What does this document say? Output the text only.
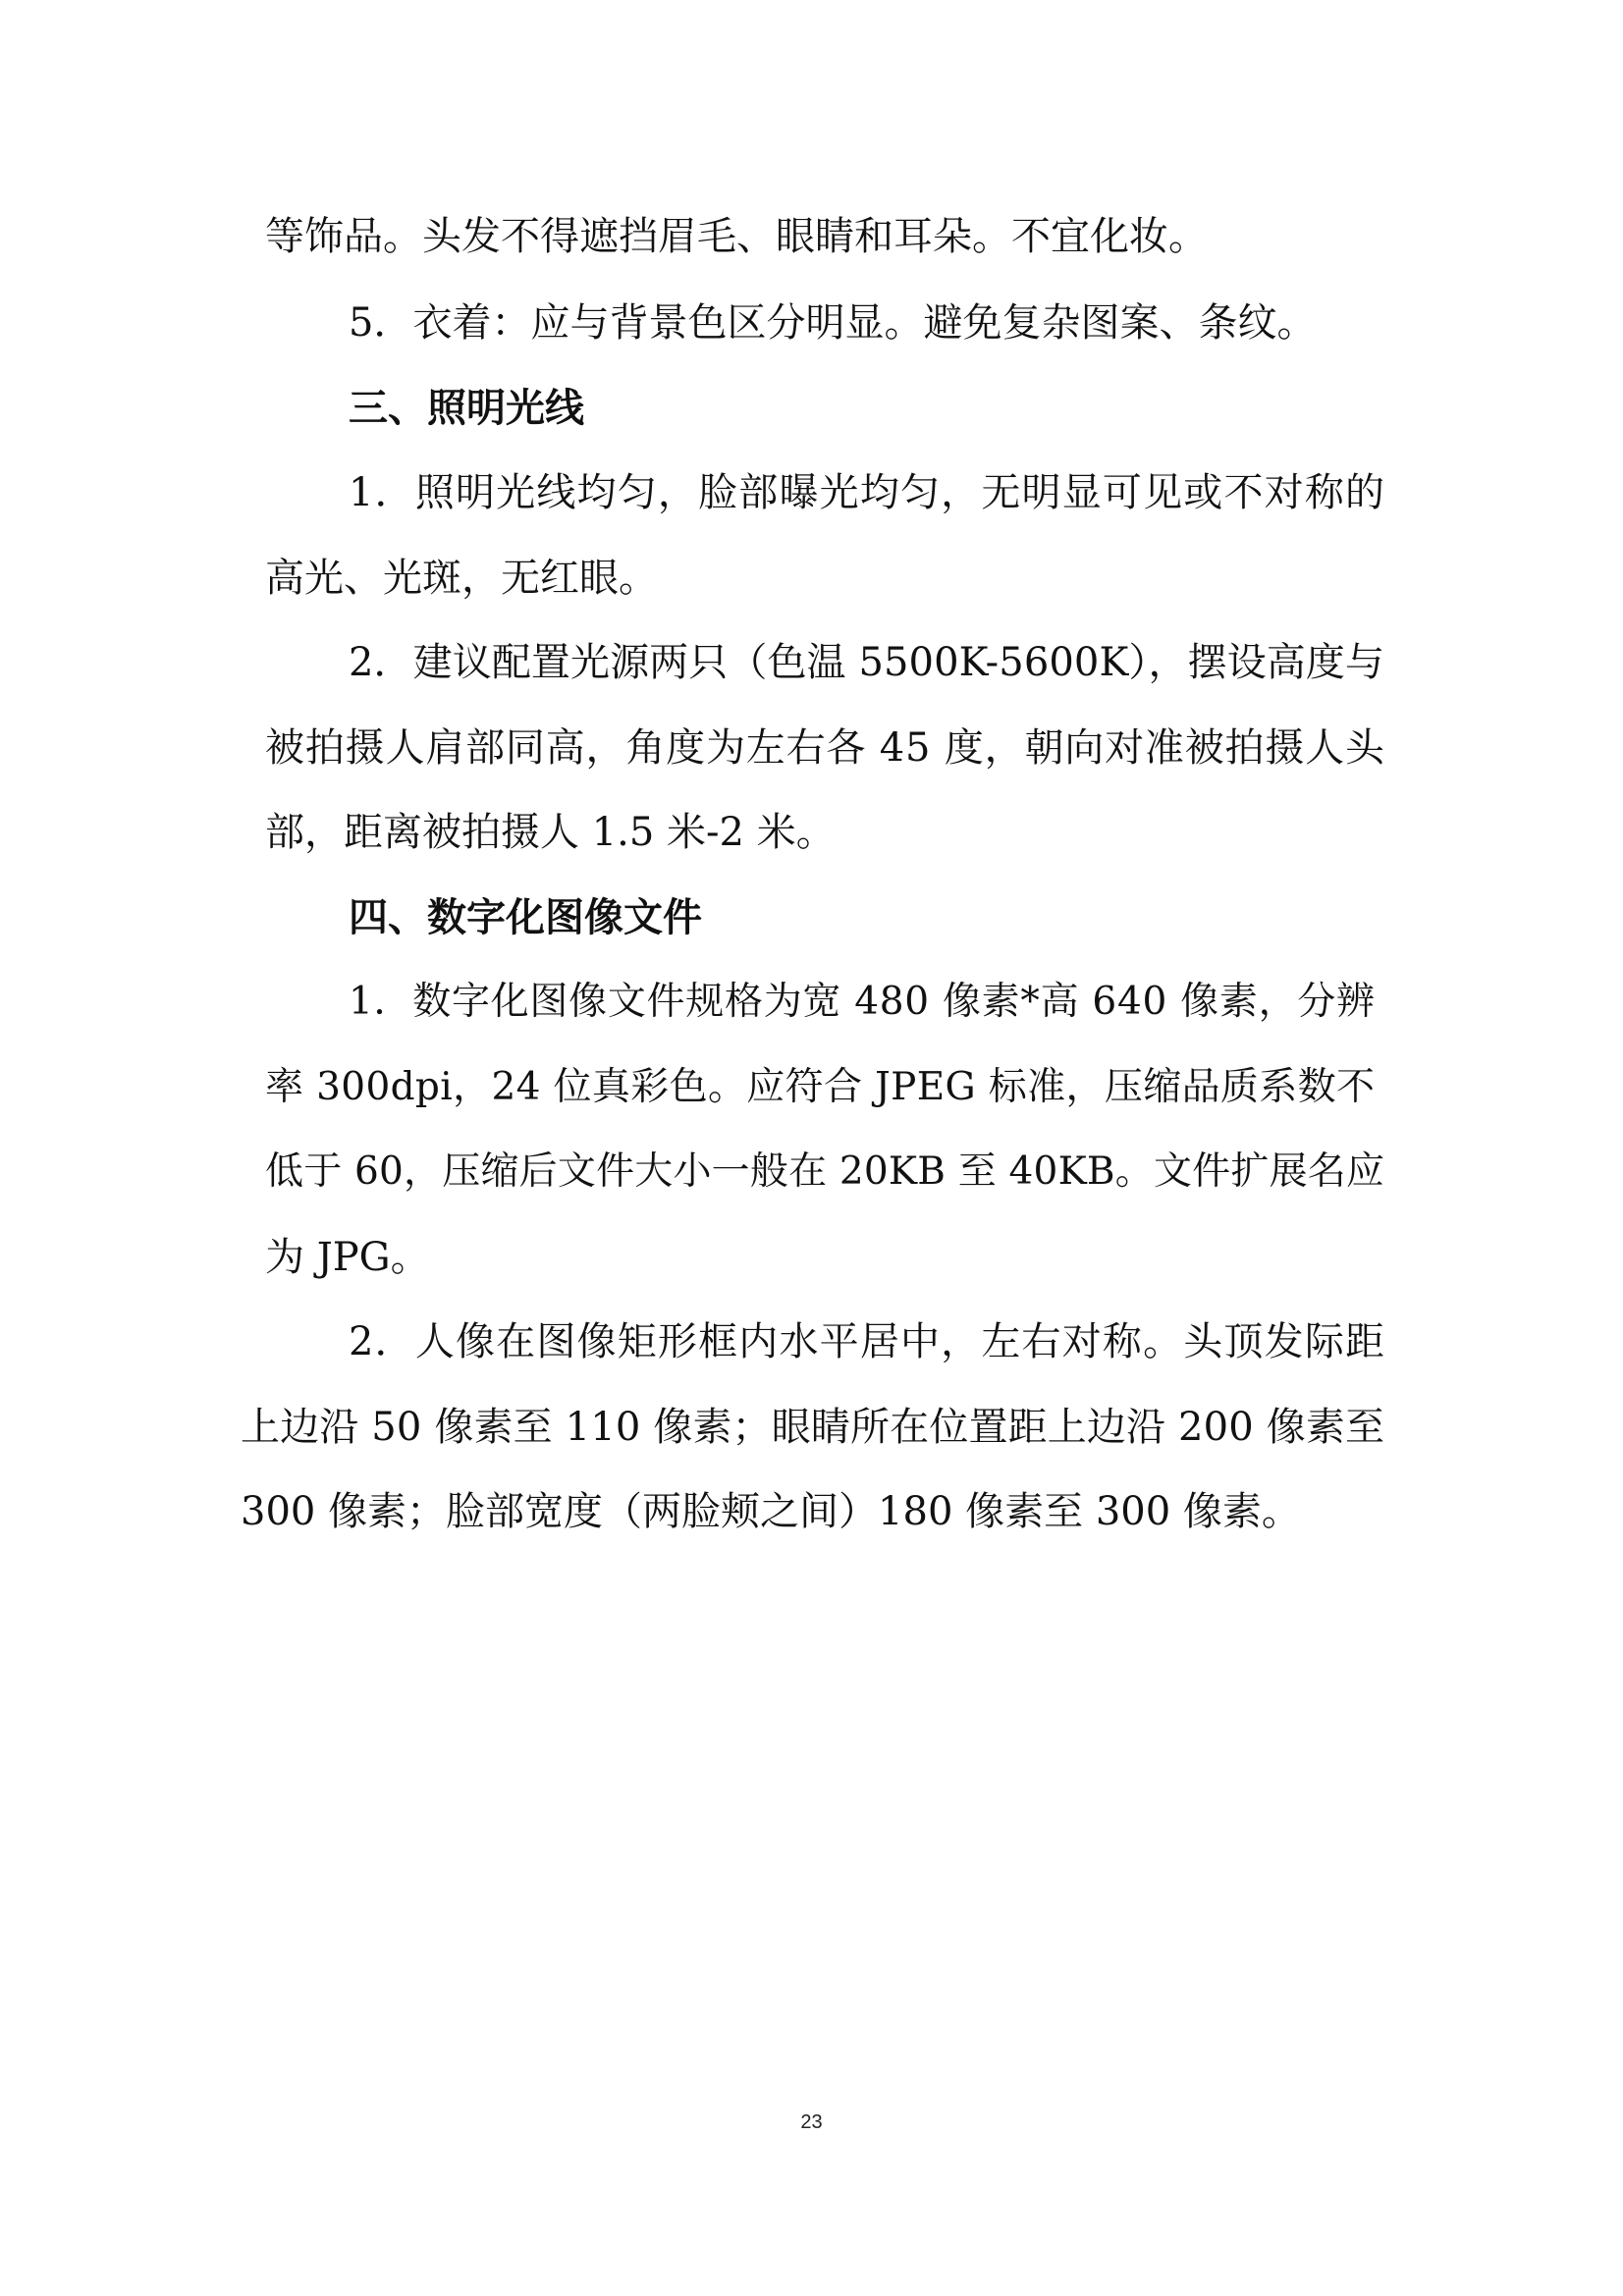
等饰品。头发不得遮挡眉毛、眼睛和耳朵。不宜化妆。

5．衣着：应与背景色区分明显。避免复杂图案、条纹。

三、照明光线

1．照明光线均匀，脸部曝光均匀，无明显可见或不对称的

高光、光斑，无红眼。

2．建议配置光源两只（色温 5500K-5600K），摆设高度与

被拍摄人肩部同高，角度为左右各 45 度，朝向对准被拍摄人头

部，距离被拍摄人 1.5 米-2 米。

四、数字化图像文件

1．数字化图像文件规格为宽 480 像素*高 640 像素，分辨

率 300dpi，24 位真彩色。应符合 JPEG 标准，压缩品质系数不

低于 60，压缩后文件大小一般在 20KB 至 40KB。文件扩展名应

为 JPG。

2．人像在图像矩形框内水平居中，左右对称。头顶发际距

上边沿 50 像素至 110 像素；眼睛所在位置距上边沿 200 像素至

300 像素；脸部宽度（两脸颊之间）180 像素至 300 像素。

23
